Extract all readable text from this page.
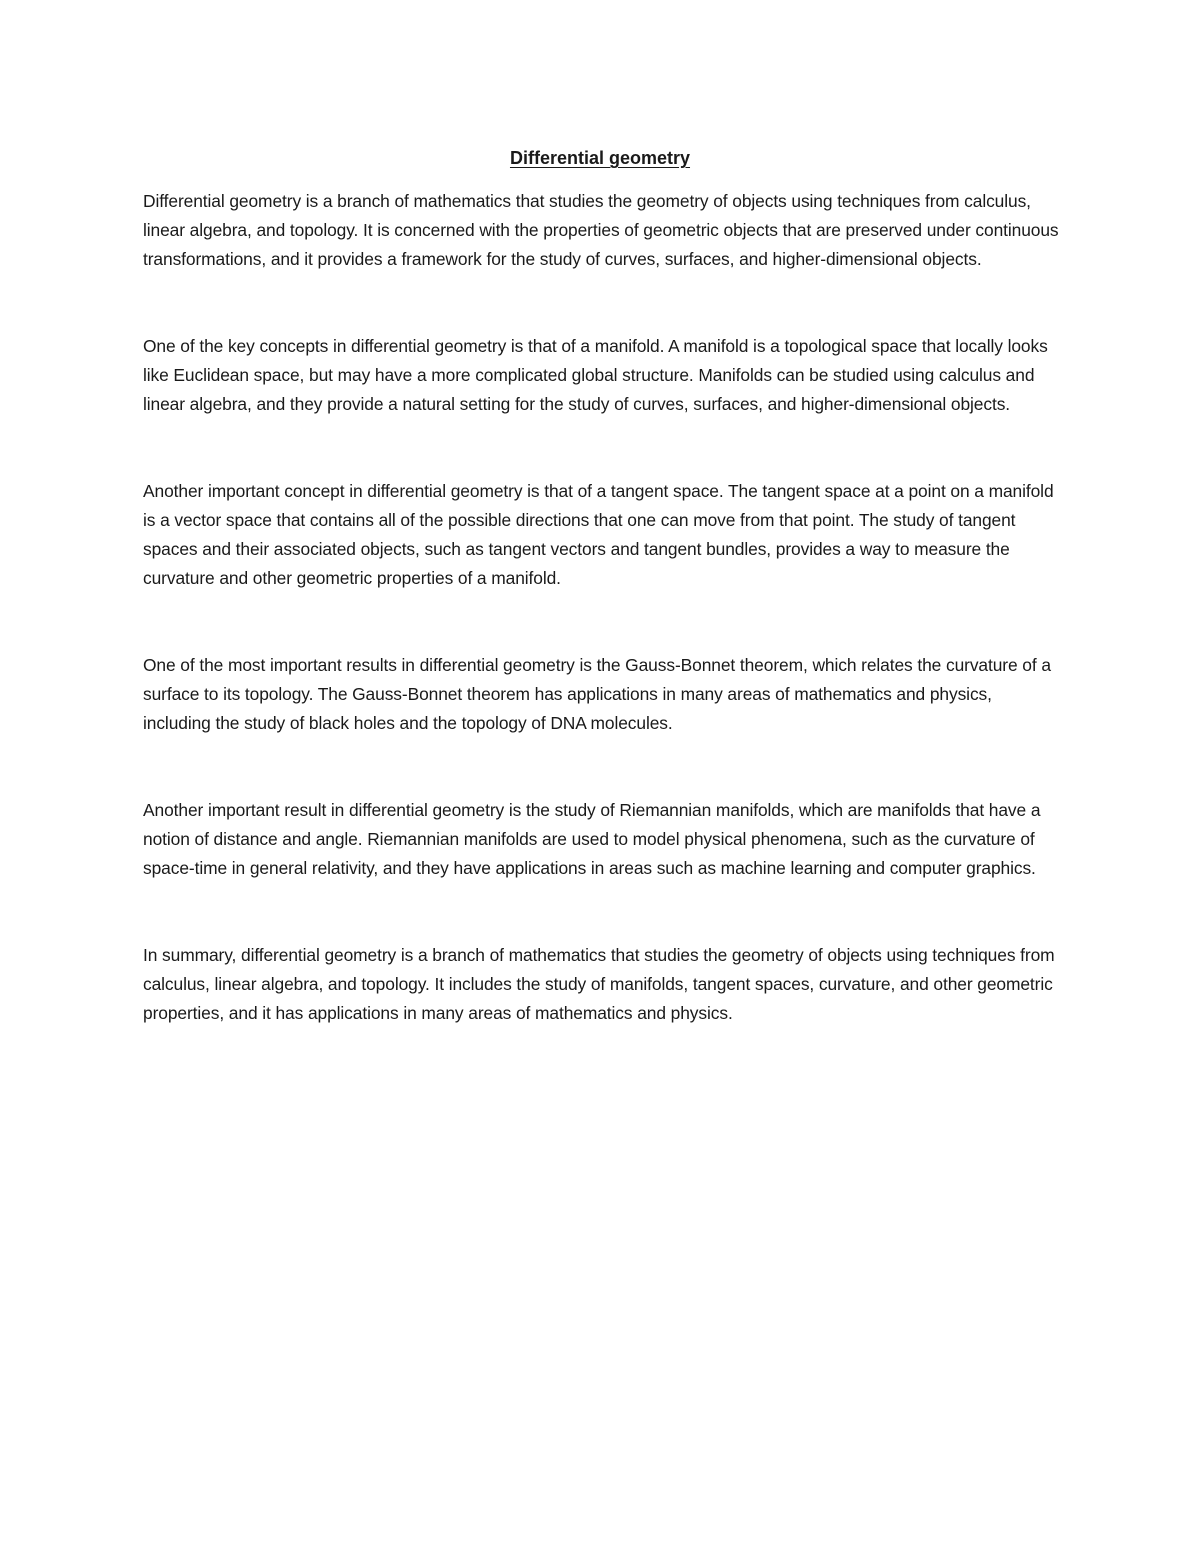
Differential geometry

Differential geometry is a branch of mathematics that studies the geometry of objects using techniques from calculus, linear algebra, and topology. It is concerned with the properties of geometric objects that are preserved under continuous transformations, and it provides a framework for the study of curves, surfaces, and higher-dimensional objects.

One of the key concepts in differential geometry is that of a manifold. A manifold is a topological space that locally looks like Euclidean space, but may have a more complicated global structure. Manifolds can be studied using calculus and linear algebra, and they provide a natural setting for the study of curves, surfaces, and higher-dimensional objects.

Another important concept in differential geometry is that of a tangent space. The tangent space at a point on a manifold is a vector space that contains all of the possible directions that one can move from that point. The study of tangent spaces and their associated objects, such as tangent vectors and tangent bundles, provides a way to measure the curvature and other geometric properties of a manifold.

One of the most important results in differential geometry is the Gauss-Bonnet theorem, which relates the curvature of a surface to its topology. The Gauss-Bonnet theorem has applications in many areas of mathematics and physics, including the study of black holes and the topology of DNA molecules.

Another important result in differential geometry is the study of Riemannian manifolds, which are manifolds that have a notion of distance and angle. Riemannian manifolds are used to model physical phenomena, such as the curvature of space-time in general relativity, and they have applications in areas such as machine learning and computer graphics.

In summary, differential geometry is a branch of mathematics that studies the geometry of objects using techniques from calculus, linear algebra, and topology. It includes the study of manifolds, tangent spaces, curvature, and other geometric properties, and it has applications in many areas of mathematics and physics.
